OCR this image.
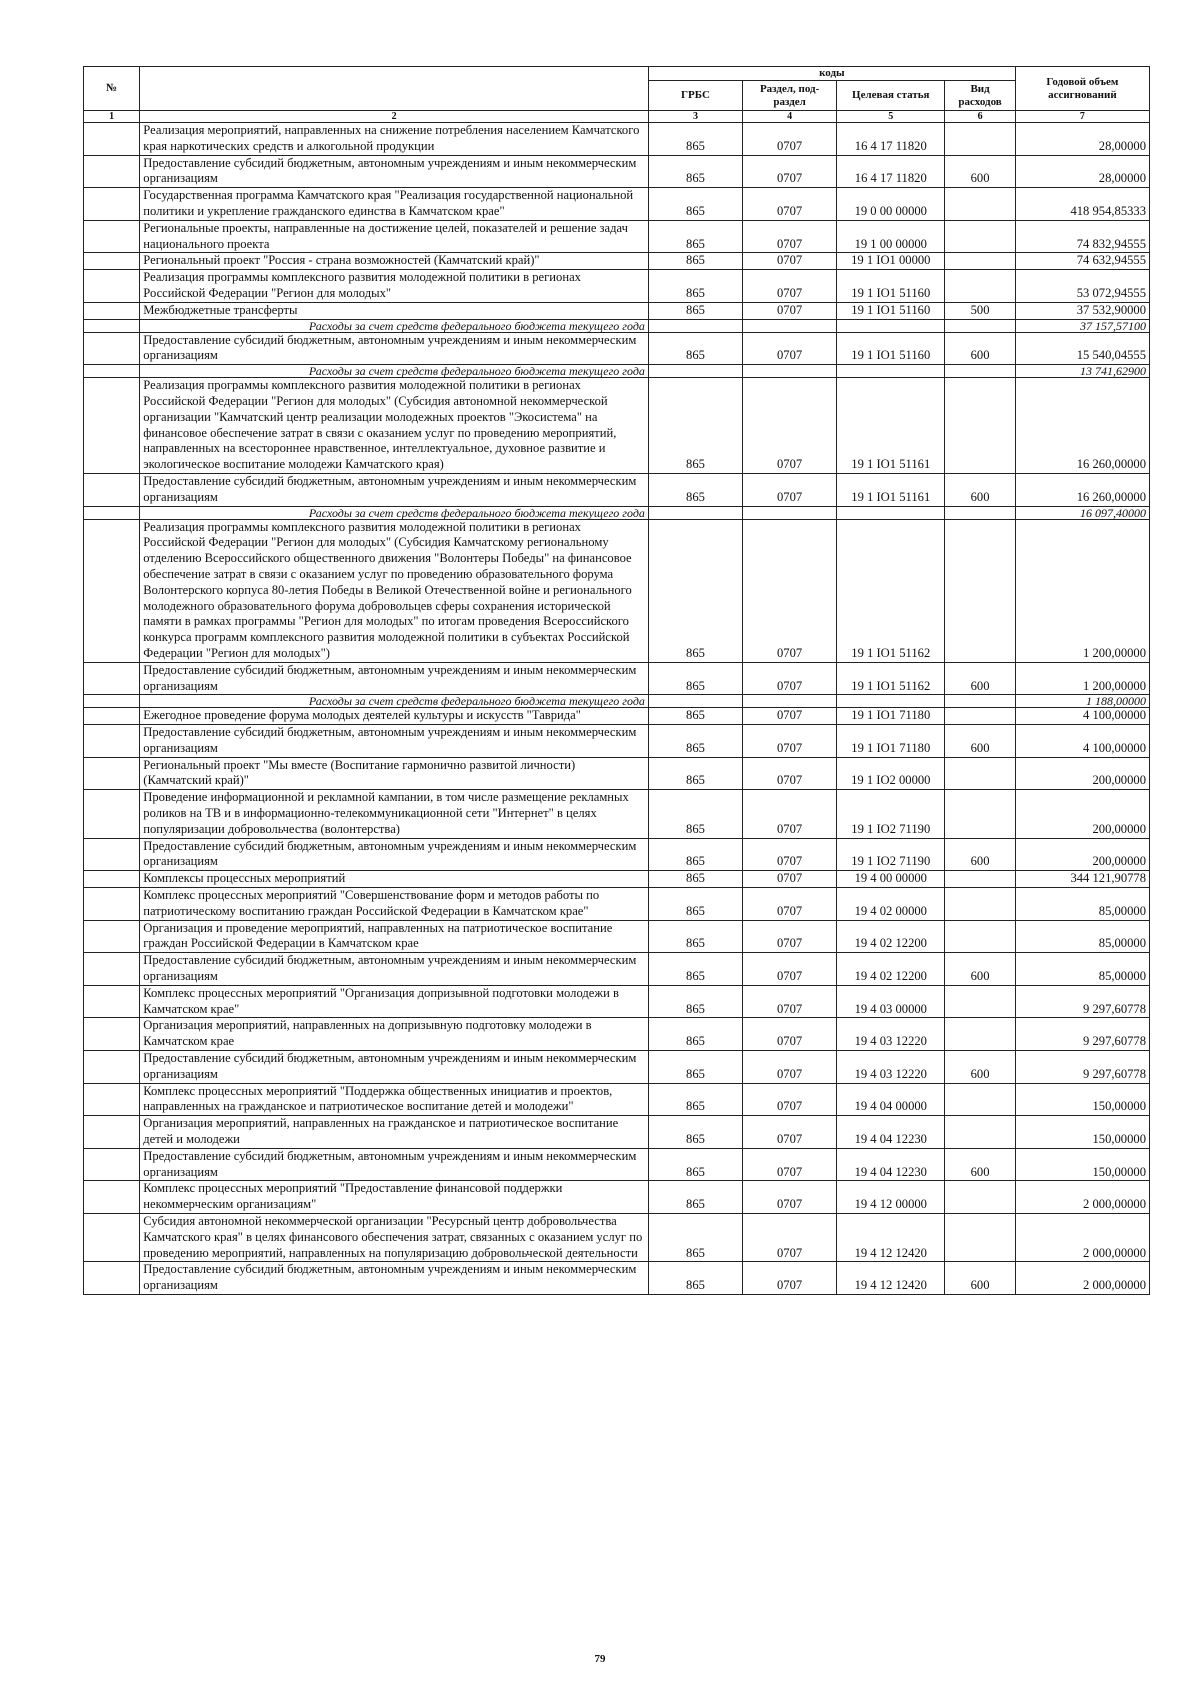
№		коды				Годовой объем ассигнований
		ГРБС	Раздел, под-раздел	Целевая статья	Вид расходов	
1	2	3	4	5	6	7
	Реализация мероприятий, направленных на снижение потребления населением Камчатского края наркотических средств и алкогольной продукции	865	0707	16 4 17 11820		28,00000
	Предоставление субсидий бюджетным, автономным учреждениям и иным некоммерческим организациям	865	0707	16 4 17 11820	600	28,00000
	Государственная программа Камчатского края "Реализация государственной национальной политики и укрепление гражданского единства в Камчатском крае"	865	0707	19 0 00 00000		418 954,85333
	Региональные проекты, направленные на достижение целей, показателей и решение задач национального проекта	865	0707	19 1 00 00000		74 832,94555
	Региональный проект "Россия - страна возможностей (Камчатский край)"	865	0707	19 1 IO1 00000		74 632,94555
	Реализация программы комплексного развития молодежной политики в регионах Российской Федерации "Регион для молодых"	865	0707	19 1 IO1 51160		53 072,94555
	Межбюджетные трансферты	865	0707	19 1 IO1 51160	500	37 532,90000
	Расходы за счет средств федерального бюджета текущего года					37 157,57100
	Предоставление субсидий бюджетным, автономным учреждениям и иным некоммерческим организациям	865	0707	19 1 IO1 51160	600	15 540,04555
	Расходы за счет средств федерального бюджета текущего года					13 741,62900
	Реализация программы комплексного развития молодежной политики в регионах Российской Федерации "Регион для молодых" (Субсидия автономной некоммерческой организации "Камчатский центр реализации молодежных проектов "Экосистема" на финансовое обеспечение затрат в связи с оказанием услуг по проведению мероприятий, направленных на всестороннее нравственное, интеллектуальное, духовное развитие и экологическое воспитание молодежи Камчатского края)	865	0707	19 1 IO1 51161		16 260,00000
	Предоставление субсидий бюджетным, автономным учреждениям и иным некоммерческим организациям	865	0707	19 1 IO1 51161	600	16 260,00000
	Расходы за счет средств федерального бюджета текущего года					16 097,40000
	Реализация программы комплексного развития молодежной политики в регионах Российской Федерации "Регион для молодых" (Субсидия Камчатскому региональному отделению Всероссийского общественного движения "Волонтеры Победы" на финансовое обеспечение затрат в связи с оказанием услуг по проведению образовательного форума Волонтерского корпуса 80-летия Победы в Великой Отечественной войне и регионального молодежного образовательного форума добровольцев сферы сохранения исторической памяти в рамках программы "Регион для молодых" по итогам проведения Всероссийского конкурса программ комплексного развития молодежной политики в субъектах Российской Федерации "Регион для молодых")	865	0707	19 1 IO1 51162		1 200,00000
	Предоставление субсидий бюджетным, автономным учреждениям и иным некоммерческим организациям	865	0707	19 1 IO1 51162	600	1 200,00000
	Расходы за счет средств федерального бюджета текущего года					1 188,00000
	Ежегодное проведение форума молодых деятелей культуры и искусств "Таврида"	865	0707	19 1 IO1 71180		4 100,00000
	Предоставление субсидий бюджетным, автономным учреждениям и иным некоммерческим организациям	865	0707	19 1 IO1 71180	600	4 100,00000
	Региональный проект "Мы вместе (Воспитание гармонично развитой личности) (Камчатский край)"	865	0707	19 1 IO2 00000		200,00000
	Проведение информационной и рекламной кампании, в том числе размещение рекламных роликов на ТВ и в информационно-телекоммуникационной сети "Интернет" в целях популяризации добровольчества (волонтерства)	865	0707	19 1 IO2 71190		200,00000
	Предоставление субсидий бюджетным, автономным учреждениям и иным некоммерческим организациям	865	0707	19 1 IO2 71190	600	200,00000
	Комплексы процессных мероприятий	865	0707	19 4 00 00000		344 121,90778
	Комплекс процессных мероприятий "Совершенствование форм и методов работы по патриотическому воспитанию граждан Российской Федерации в Камчатском крае"	865	0707	19 4 02 00000		85,00000
	Организация и проведение мероприятий, направленных на патриотическое воспитание граждан Российской Федерации в Камчатском крае	865	0707	19 4 02 12200		85,00000
	Предоставление субсидий бюджетным, автономным учреждениям и иным некоммерческим организациям	865	0707	19 4 02 12200	600	85,00000
	Комплекс процессных мероприятий "Организация допризывной подготовки молодежи в Камчатском крае"	865	0707	19 4 03 00000		9 297,60778
	Организация мероприятий, направленных на допризывную подготовку молодежи в Камчатском крае	865	0707	19 4 03 12220		9 297,60778
	Предоставление субсидий бюджетным, автономным учреждениям и иным некоммерческим организациям	865	0707	19 4 03 12220	600	9 297,60778
	Комплекс процессных мероприятий "Поддержка общественных инициатив и проектов, направленных на гражданское и патриотическое воспитание детей и молодежи"	865	0707	19 4 04 00000		150,00000
	Организация мероприятий, направленных на гражданское и патриотическое воспитание детей и молодежи	865	0707	19 4 04 12230		150,00000
	Предоставление субсидий бюджетным, автономным учреждениям и иным некоммерческим организациям	865	0707	19 4 04 12230	600	150,00000
	Комплекс процессных мероприятий "Предоставление финансовой поддержки некоммерческим организациям"	865	0707	19 4 12 00000		2 000,00000
	Субсидия автономной некоммерческой организации "Ресурсный центр добровольчества Камчатского края" в целях финансового обеспечения затрат, связанных с оказанием услуг по проведению мероприятий, направленных на популяризацию добровольческой деятельности	865	0707	19 4 12 12420		2 000,00000
	Предоставление субсидий бюджетным, автономным учреждениям и иным некоммерческим организациям	865	0707	19 4 12 12420	600	2 000,00000
79
